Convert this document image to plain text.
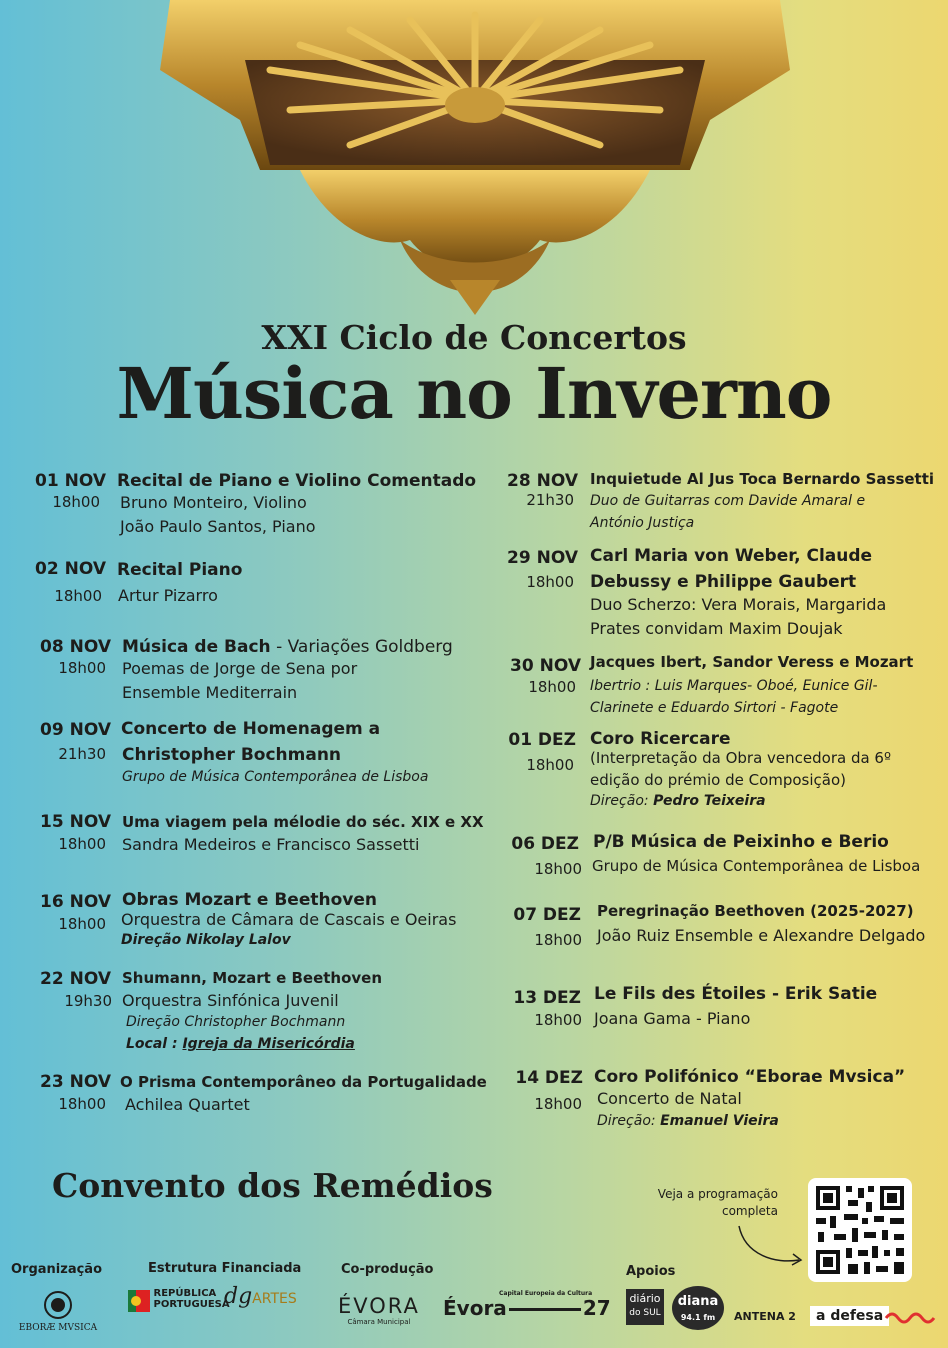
XXI Ciclo de Concertos
Música no Inverno
01 NOV
18h00
Recital de Piano e Violino Comentado
Bruno Monteiro, Violino
João Paulo Santos, Piano
02 NOV
18h00
Recital Piano
Artur Pizarro
08 NOV
18h00
Música de Bach - Variações Goldberg
Poemas de Jorge de Sena por
Ensemble Mediterrain
09 NOV
21h30
Concerto de Homenagem a
Christopher Bochmann
Grupo de Música Contemporânea de Lisboa
15 NOV
18h00
Uma viagem pela mélodie do séc. XIX e XX
Sandra Medeiros e Francisco Sassetti
16 NOV
18h00
Obras Mozart e Beethoven
Orquestra de Câmara de Cascais e Oeiras
Direção Nikolay Lalov
22 NOV
19h30
Shumann, Mozart e Beethoven
Orquestra Sinfónica Juvenil
Direção Christopher Bochmann
Local : Igreja da Misericórdia
23 NOV
18h00
O Prisma Contemporâneo da Portugalidade
Achilea Quartet
28 NOV
21h30
Inquietude Al Jus Toca Bernardo Sassetti
Duo de Guitarras com Davide Amaral e
António Justiça
29 NOV
18h00
Carl Maria von Weber, Claude
Debussy e Philippe Gaubert
Duo Scherzo: Vera Morais, Margarida
Prates convidam Maxim Doujak
30 NOV
18h00
Jacques Ibert, Sandor Veress e Mozart
Ibertrio : Luis Marques- Oboé, Eunice Gil-
Clarinete e Eduardo Sirtori - Fagote
01 DEZ
18h00
Coro Ricercare
(Interpretação da Obra vencedora da 6º
edição do prémio de Composição)
Direção: Pedro Teixeira
06 DEZ
18h00
P/B Música de Peixinho e Berio
Grupo de Música Contemporânea de Lisboa
07 DEZ
18h00
Peregrinação Beethoven (2025-2027)
João Ruiz Ensemble e Alexandre Delgado
13 DEZ
18h00
Le Fils des Étoiles - Erik Satie
Joana Gama - Piano
14 DEZ
18h00
Coro Polifónico “Eborae Mvsica”
Concerto de Natal
Direção: Emanuel Vieira
Convento dos Remédios	Veja a programação
completa
Organização	Estrutura Financiada	Co-produção	Apoios
EBORÆ MVSICA
REPÚBLICA
PORTUGUESA
dgARTES ÉVORA
Câmara Municipal
Capital Europeia da Cultura
Évora	27	diário
do SUL
diana
94.1 fm	ANTENA 2	a defesa
